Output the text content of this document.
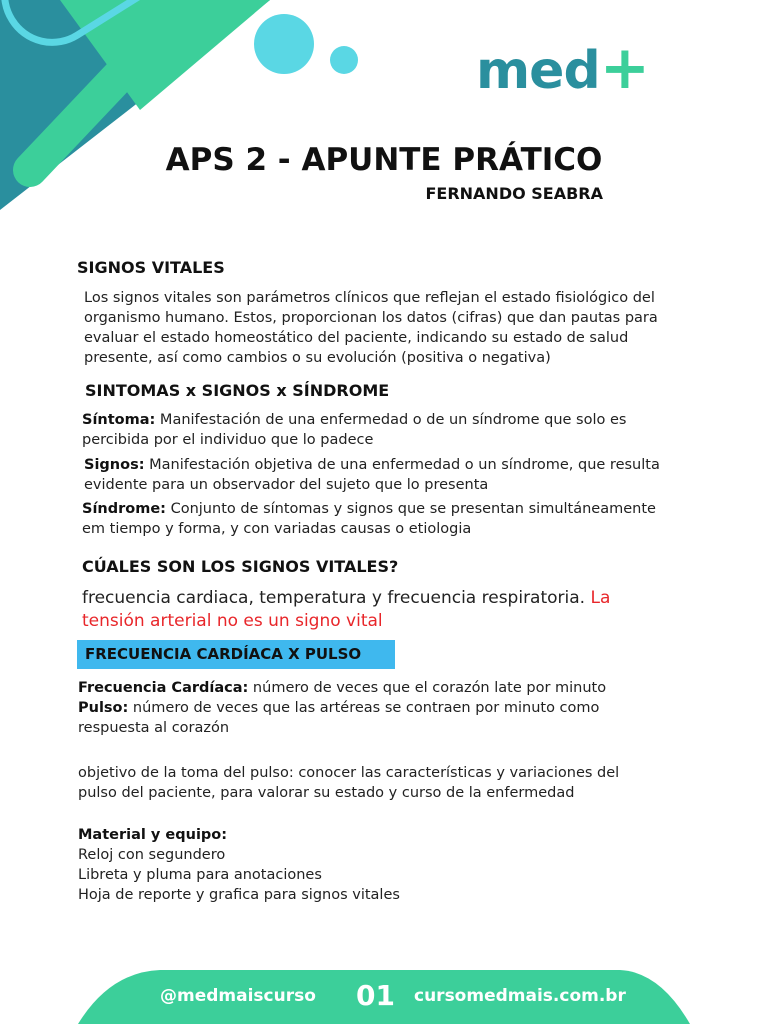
med+
APS 2 - APUNTE PRÁTICO
FERNANDO SEABRA
SIGNOS VITALES
Los signos vitales son parámetros clínicos que reflejan el estado fisiológico del
organismo humano. Estos, proporcionan los datos (cifras) que dan pautas para
evaluar el estado homeostático del paciente, indicando su estado de salud
presente, así como cambios o su evolución (positiva o negativa)
SINTOMAS x SIGNOS x SÍNDROME
Síntoma: Manifestación de una enfermedad o de un síndrome que solo es
percibida por el individuo que lo padece
Signos: Manifestación objetiva de una enfermedad o un síndrome, que resulta
evidente para un observador del sujeto que lo presenta
Síndrome: Conjunto de síntomas y signos que se presentan simultáneamente
em tiempo y forma, y con variadas causas o etiologia
CÚALES SON LOS SIGNOS VITALES?
frecuencia cardiaca, temperatura y frecuencia respiratoria. La
tensión arterial no es un signo vital
FRECUENCIA CARDÍACA X PULSO
Frecuencia Cardíaca: número de veces que el corazón late por minuto
Pulso: número de veces que las artéreas se contraen por minuto como
respuesta al corazón
objetivo de la toma del pulso: conocer las características y variaciones del
pulso del paciente, para valorar su estado y curso de la enfermedad
Material y equipo:
Reloj con segundero
Libreta y pluma para anotaciones
Hoja de reporte y grafica para signos vitales
@medmaiscurso 01 cursomedmais.com.br
